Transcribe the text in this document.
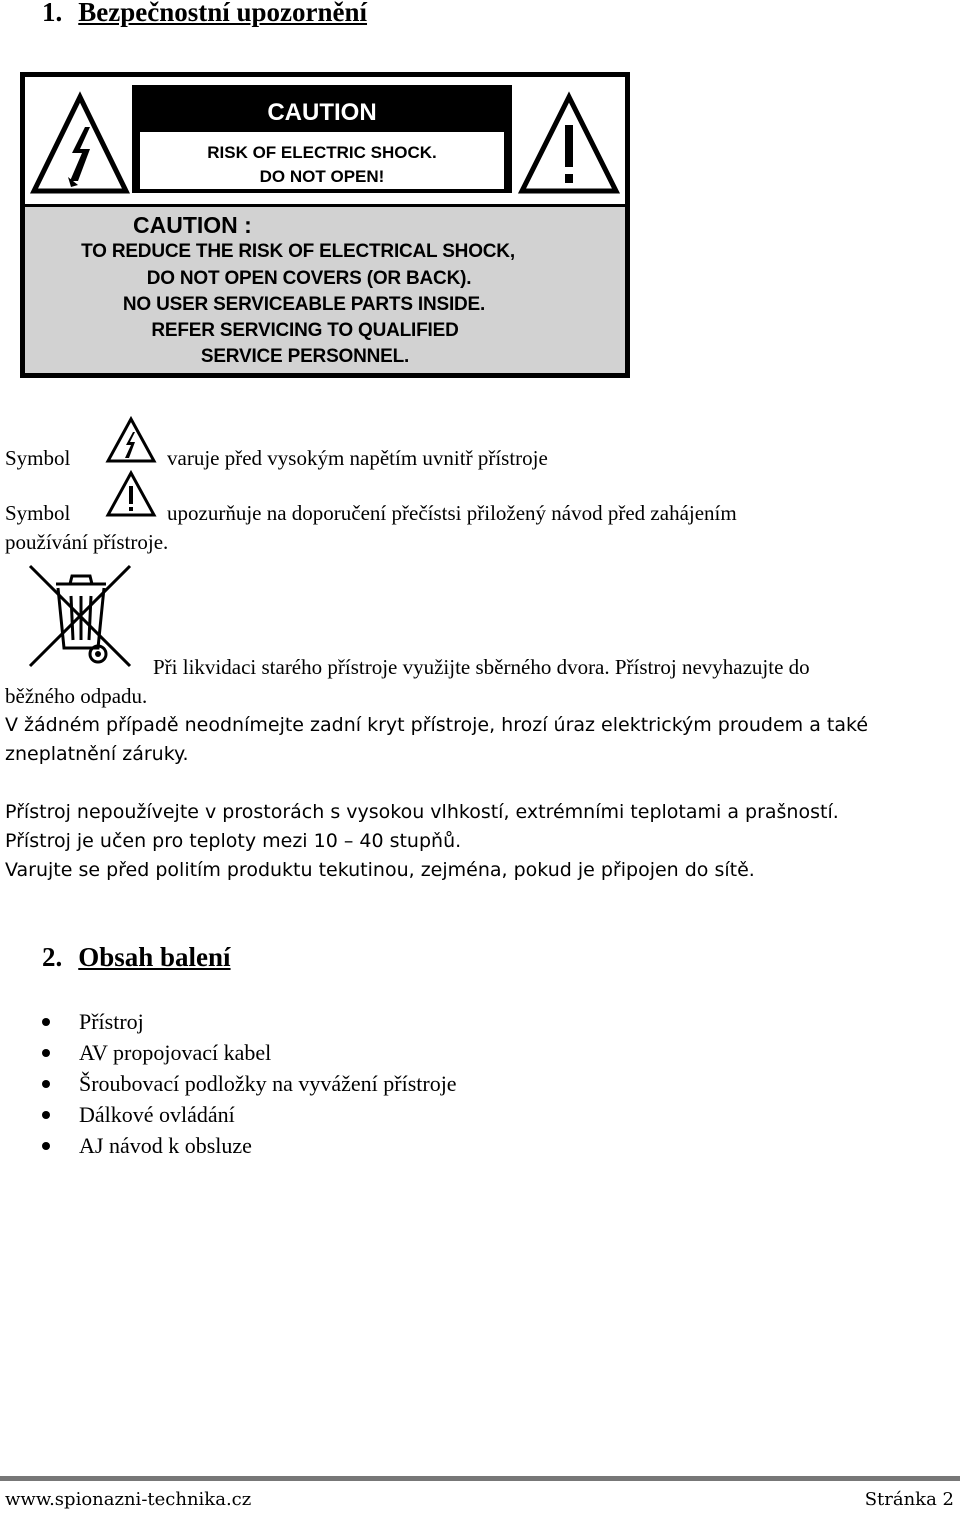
1. Bezpečnostní upozornění
CAUTION
RISK OF ELECTRIC SHOCK.
DO NOT OPEN!
CAUTION :
TO REDUCE THE RISK OF ELECTRICAL SHOCK,
DO NOT OPEN COVERS (OR BACK).
NO USER SERVICEABLE PARTS INSIDE.
REFER SERVICING TO QUALIFIED
SERVICE PERSONNEL.
Symbol	varuje před vysokým napětím uvnitř přístroje
Symbol	upozurňuje na doporučení přečístsi přiložený návod před zahájením
používání přístroje.
Při likvidaci starého přístroje využijte sběrného dvora. Přístroj nevyhazujte do
běžného odpadu.
V žádném případě neodnímejte zadní kryt přístroje, hrozí úraz elektrickým proudem a také
zneplatnění záruky.
Přístroj nepoužívejte v prostorách s vysokou vlhkostí, extrémními teplotami a prašností.
Přístroj je učen pro teploty mezi 10 – 40 stupňů.
Varujte se před politím produktu tekutinou, zejména, pokud je připojen do sítě.
2. Obsah balení
Přístroj
AV propojovací kabel
Šroubovací podložky na vyvážení přístroje
Dálkové ovládání
AJ návod k obsluze
www.spionazni-technika.cz	Stránka 2
